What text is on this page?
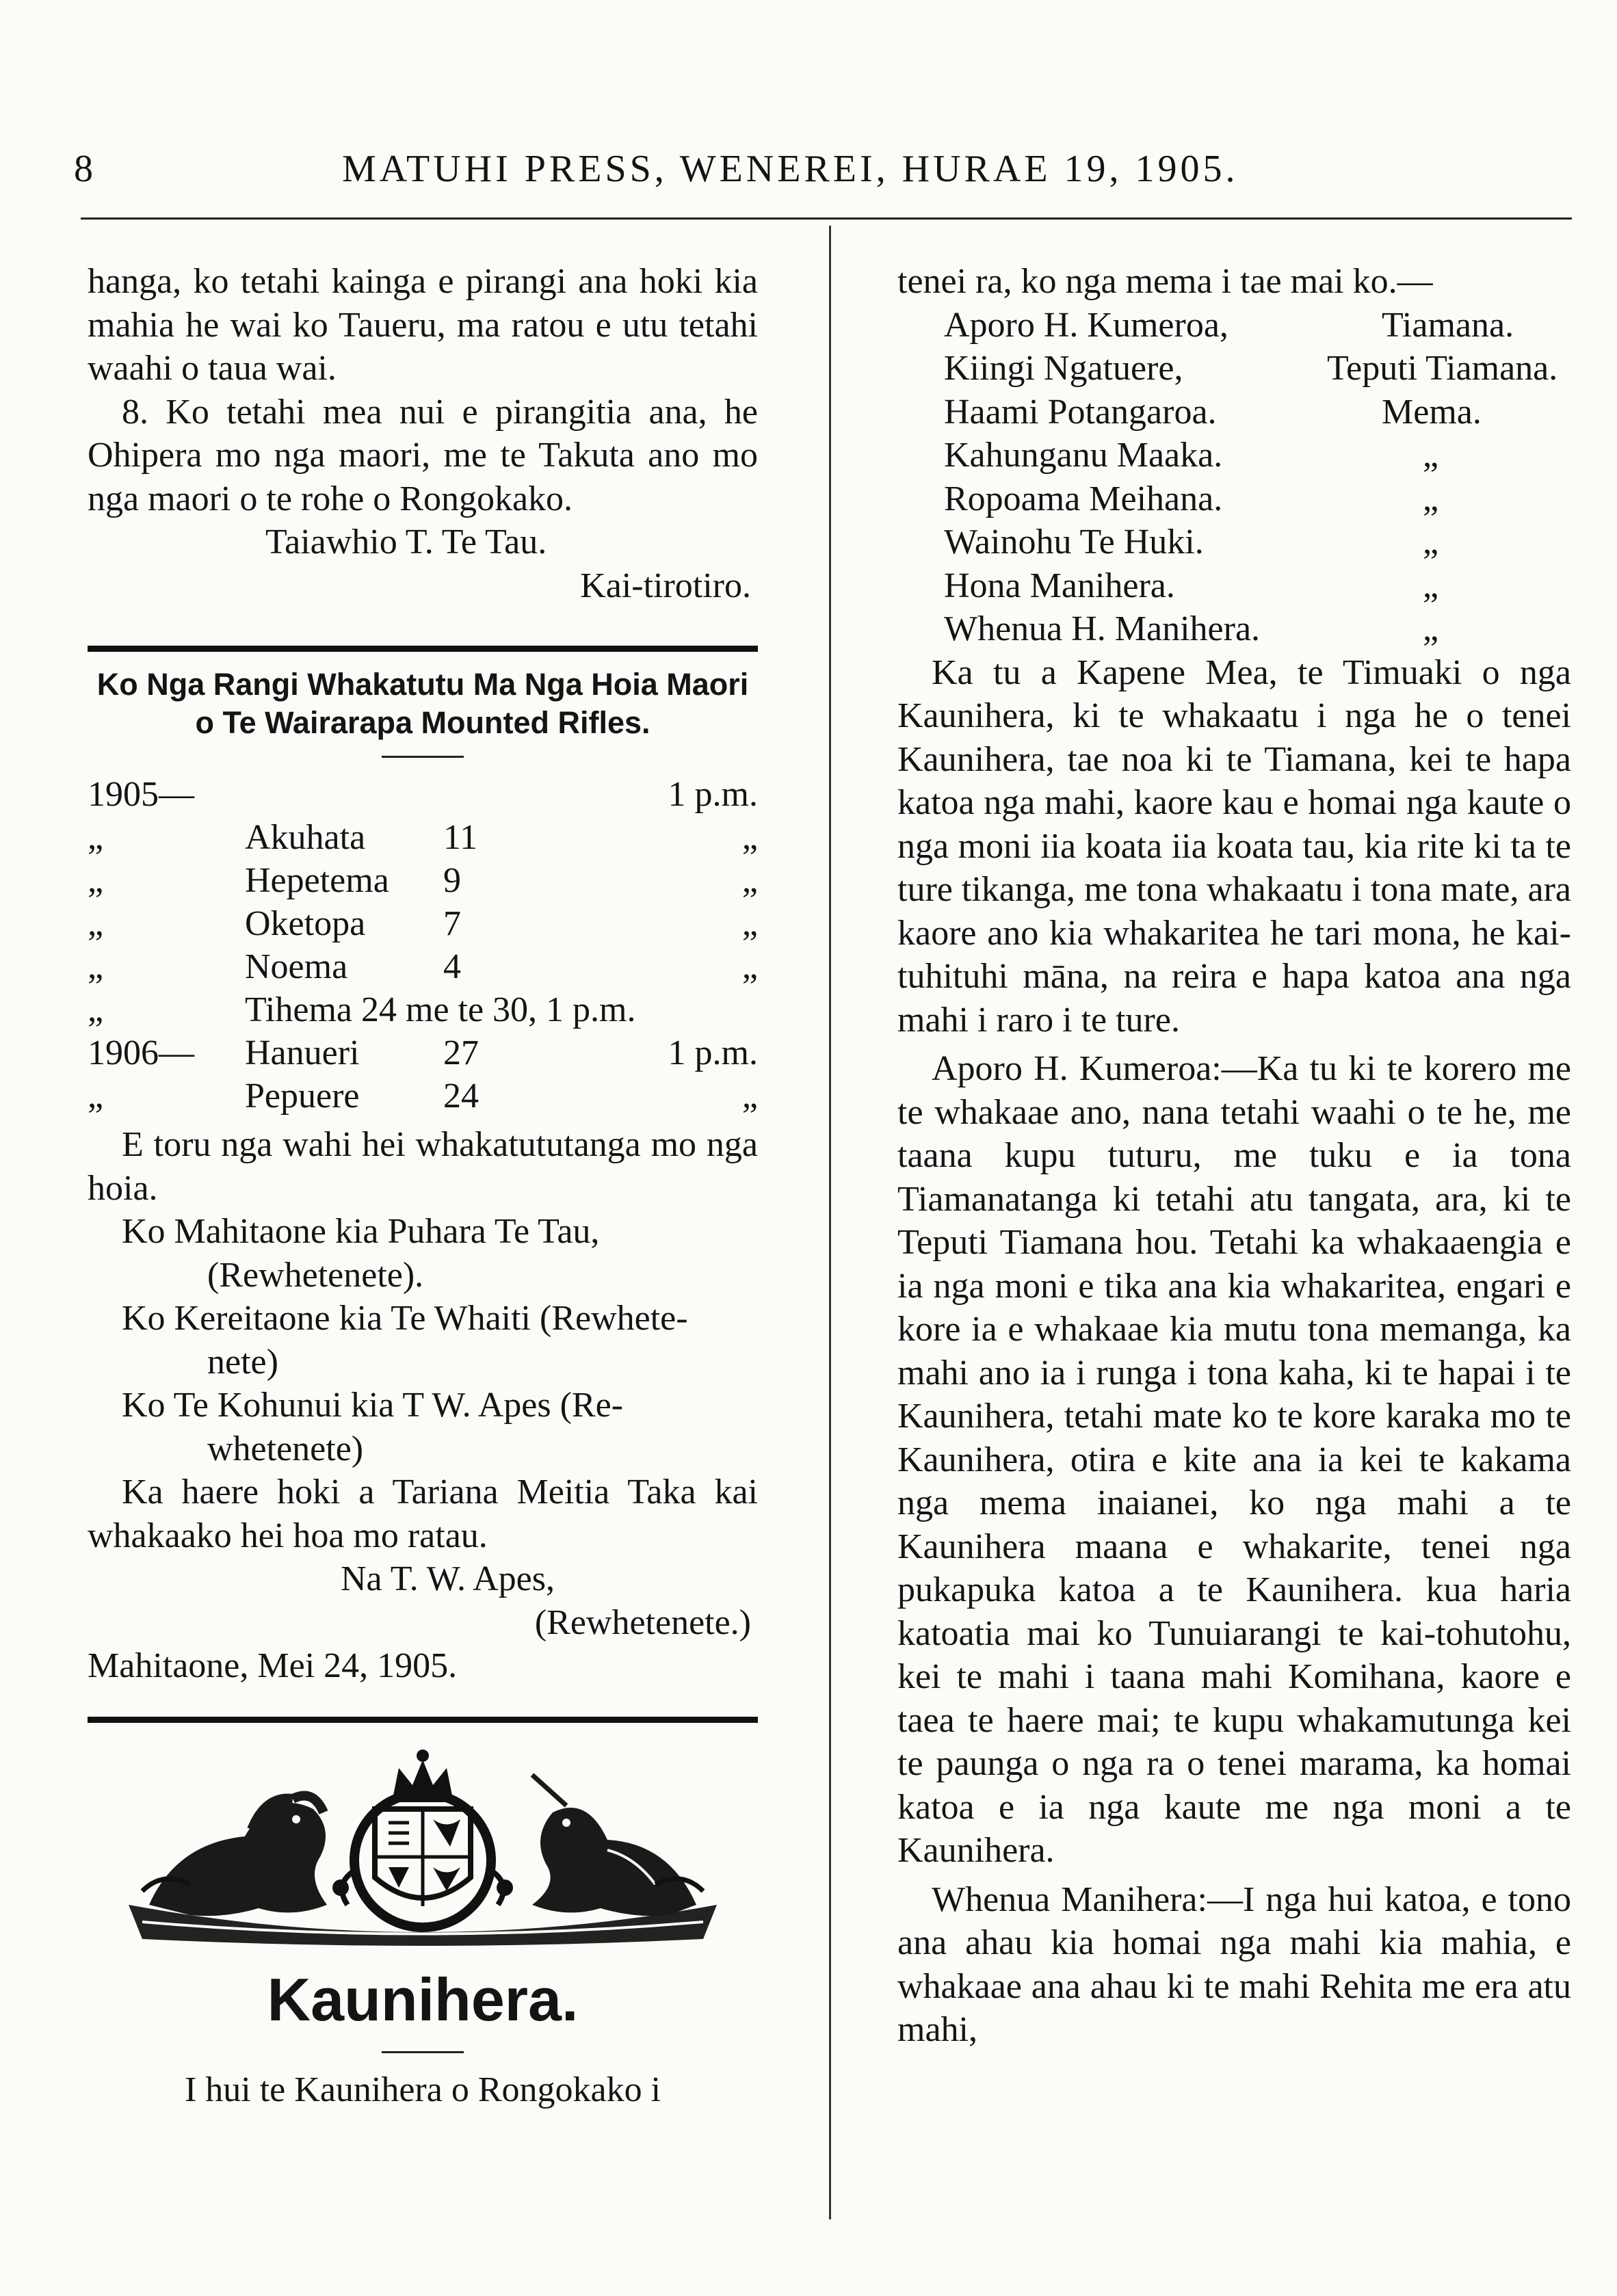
8	MATUHI PRESS, WENEREI, HURAE 19, 1905.
hanga, ko tetahi kainga e pirangi ana hoki kia mahia he wai ko Taueru, ma ratou e utu tetahi waahi o taua wai.
8. Ko tetahi mea nui e pirangitia ana, he Ohipera mo nga maori, me te Takuta ano mo nga maori o te rohe o Rongokako.
Taiawhio T. Te Tau.
Kai-tirotiro.
Ko Nga Rangi Whakatutu Ma Nga Hoia Maori o Te Wairarapa Mounted Rifles.
1905—			1 p.m.
„	Akuhata	11	„
„	Hepetema	9	„
„	Oketopa	7	„
„	Noema	4	„
„	Tihema 24 me te 30, 1 p.m.		
1906—	Hanueri	27	1 p.m.
„	Pepuere	24	„
E toru nga wahi hei whakatututanga mo nga hoia.
Ko Mahitaone kia Puhara Te Tau,
(Rewhetenete).
Ko Kereitaone kia Te Whaiti (Rewhete-
nete)
Ko Te Kohunui kia T W. Apes (Re-
whetenete)
Ka haere hoki a Tariana Meitia Taka kai whakaako hei hoa mo ratau.
Na T. W. Apes,
(Rewhetenete.)
Mahitaone, Mei 24, 1905.
Kaunihera.
I hui te Kaunihera o Rongokako i
tenei ra, ko nga mema i tae mai ko.—
Aporo H. Kumeroa,	Tiamana.
Kiingi Ngatuere,	Teputi Tiamana.
Haami Potangaroa.	Mema.
Kahunganu Maaka.	„
Ropoama Meihana.	„
Wainohu Te Huki.	„
Hona Manihera.	„
Whenua H. Manihera.	„
Ka tu a Kapene Mea, te Timuaki o nga Kaunihera, ki te whakaatu i nga he o tenei Kaunihera, tae noa ki te Tiamana, kei te hapa katoa nga mahi, kaore kau e homai nga kaute o nga moni iia koata iia koata tau, kia rite ki ta te ture tikanga, me tona whakaatu i tona mate, ara kaore ano kia whakaritea he tari mona, he kai-tuhituhi māna, na reira e hapa katoa ana nga mahi i raro i te ture.
Aporo H. Kumeroa:—Ka tu ki te korero me te whakaae ano, nana tetahi waahi o te he, me taana kupu tuturu, me tuku e ia tona Tiamanatanga ki tetahi atu tangata, ara, ki te Teputi Tiamana hou. Tetahi ka whakaaengia e ia nga moni e tika ana kia whakaritea, engari e kore ia e whakaae kia mutu tona memanga, ka mahi ano ia i runga i tona kaha, ki te hapai i te Kaunihera, tetahi mate ko te kore karaka mo te Kaunihera, otira e kite ana ia kei te kakama nga mema inaianei, ko nga mahi a te Kaunihera maana e whakarite, tenei nga pukapuka katoa a te Kaunihera. kua haria katoatia mai ko Tunuiarangi te kai-tohutohu, kei te mahi i taana mahi Komihana, kaore e taea te haere mai; te kupu whakamutunga kei te paunga o nga ra o tenei marama, ka homai katoa e ia nga kaute me nga moni a te Kaunihera.
Whenua Manihera:—I nga hui katoa, e tono ana ahau kia homai nga mahi kia mahia, e whakaae ana ahau ki te mahi Rehita me era atu mahi,
